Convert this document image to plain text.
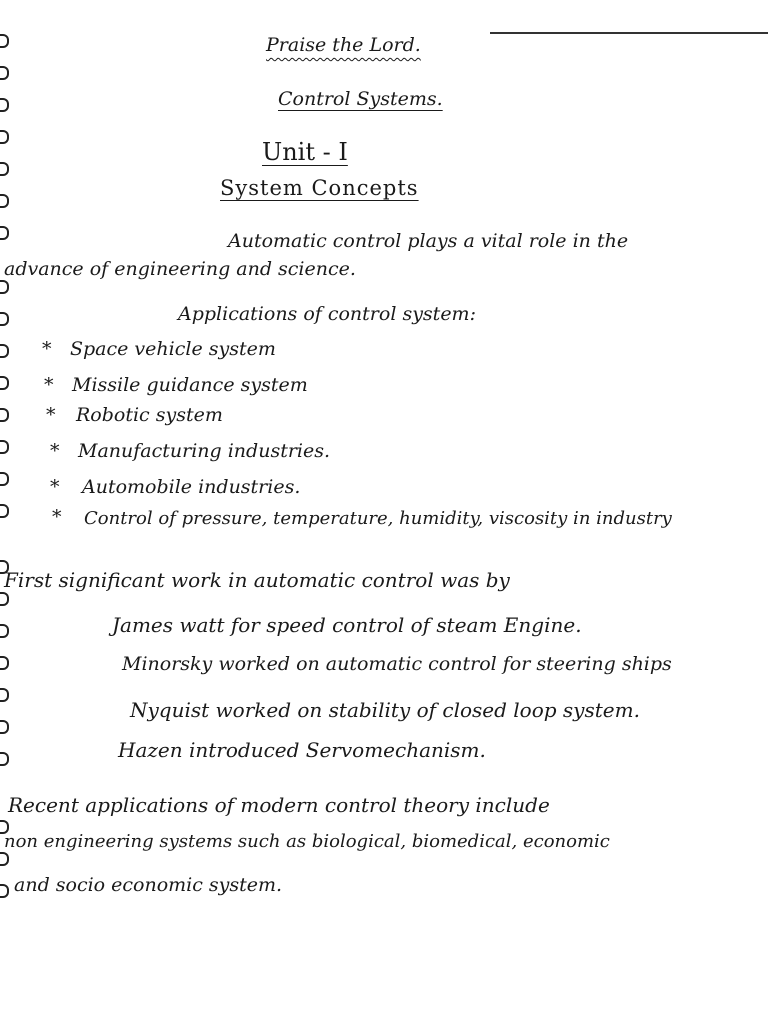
Praise the Lord.
Control Systems.
Unit - I
System Concepts
Automatic control plays a vital role in the
advance of engineering and science.
Applications of control system:
* Space vehicle system
* Missile guidance system
* Robotic system
* Manufacturing industries.
* Automobile industries.
* Control of pressure, temperature, humidity, viscosity in industry
First significant work in automatic control was by
James watt for speed control of steam Engine.
Minorsky worked on automatic control for steering ships
Nyquist worked on stability of closed loop system.
Hazen introduced Servomechanism.
Recent applications of modern control theory include
non engineering systems such as biological, biomedical, economic
and socio economic system.
